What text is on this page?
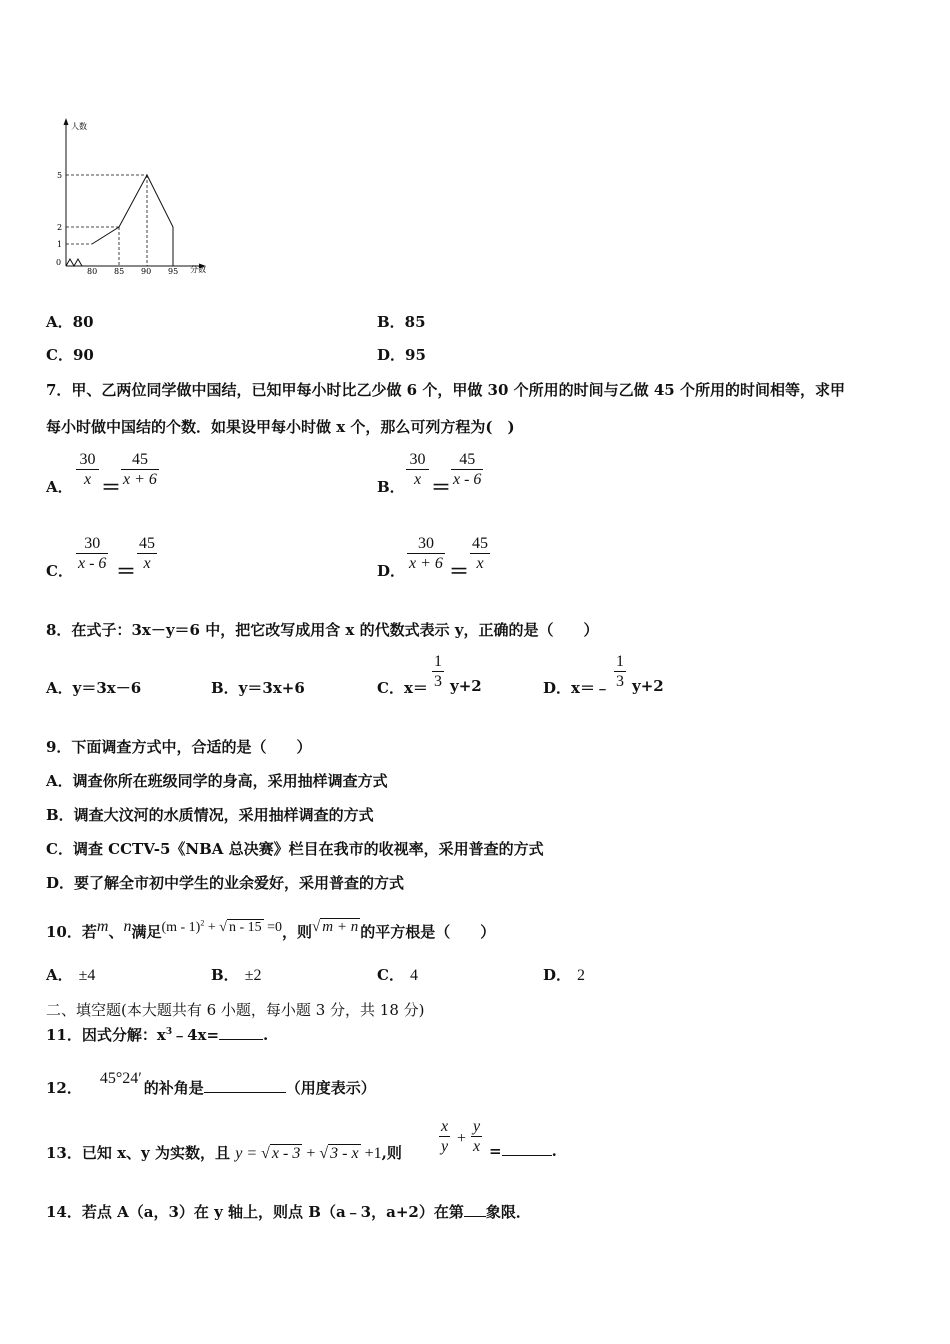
人数
分数
5
2
1
0
80 85 90 95
A．80	B．85
C．90	D．95
7．甲、乙两位同学做中国结，已知甲每小时比乙少做 6 个，甲做 30 个所用的时间与乙做 45 个所用的时间相等，求甲
每小时做中国结的个数．如果设甲每小时做 x 个，那么可列方程为(　)
A． $\frac{30}{x} = \frac{45}{x + 6}$	B． $\frac{30}{x} = \frac{45}{x - 6}$
C． $\frac{30}{x - 6} = \frac{45}{x}$	D． $\frac{30}{x + 6} = \frac{45}{x}$
8．在式子：3x－y＝6 中，把它改写成用含 x 的代数式表示 y，正确的是（　　）
A．y＝3x－6	B．y＝3x+6	C．$x= \frac{1}{3} y+2$	D．x＝﹣ $\frac{1}{3} y+2$
9．下面调查方式中，合适的是（　　）
A．调查你所在班级同学的身高，采用抽样调查方式
B．调查大汶河的水质情况，采用抽样调查的方式
C．调查 CCTV-5《NBA 总决赛》栏目在我市的收视率，采用普查的方式
D．要了解全市初中学生的业余爱好，采用普查的方式
10．若m、n满足(m - 1)$^2$ + √ n - 15 =0，则√ m + n 的平方根是（　　）
A． ±4	B． ±2	C． 4	D． 2
二、填空题(本大题共有 6 小题，每小题 3 分，共 18 分)
11．因式分解：$x^3﹣4x=$	.
12．45°24′的补角是	（用度表示）
13．已知 x、y 为实数，且 y = √ x - 3 + √ 3 - x +1,则 $\frac{x}{y} + \frac{y}{x}$ =	.
14．若点 A（a，3）在 y 轴上，则点 B（a﹣3，a+2）在第 象限．
